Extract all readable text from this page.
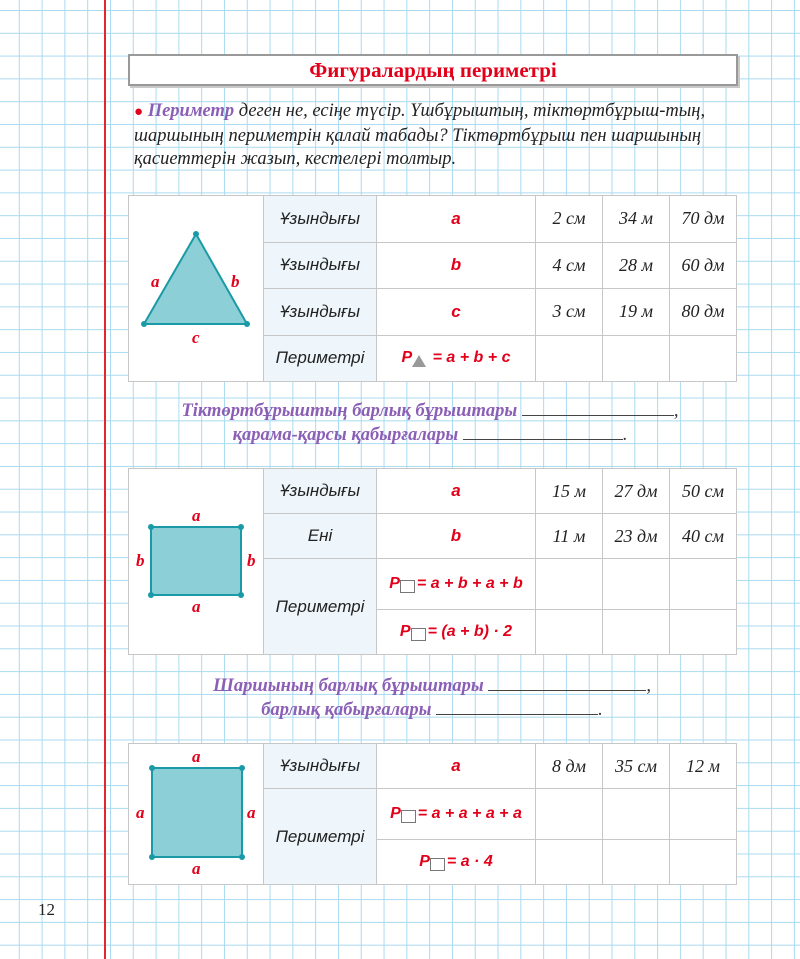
Фигуралардың периметрі
● Периметр деген не, есіңе түсір. Үшбұрыштың, тіктөртбұрыш-тың, шаршының периметрін қалай табады? Тіктөртбұрыш пен шаршының қасиеттерін жазып, кестелері толтыр.
a b
c	Ұзындығы	a	2 см	34 м	70 дм
	Ұзындығы	b	4 см	28 м	60 дм
	Ұзындығы	c	3 см	19 м	80 дм
	Периметрі	P = a + b + c			
Тіктөртбұрыштың барлық бұрыштары	,
қарама-қарсы қабырғалары	.
a
a
b b	Ұзындығы	a	15 м	27 дм	50 см
	Ені	b	11 м	23 дм	40 см
	Периметрі	P = a + b + a + b			
		P = (a + b) · 2			
Шаршының барлық бұрыштары	,
барлық қабырғалары	.
a
a
a a	Ұзындығы	a	8 дм	35 см	12 м
	Периметрі	P = a + a + a + a			
		P = a · 4			
12
